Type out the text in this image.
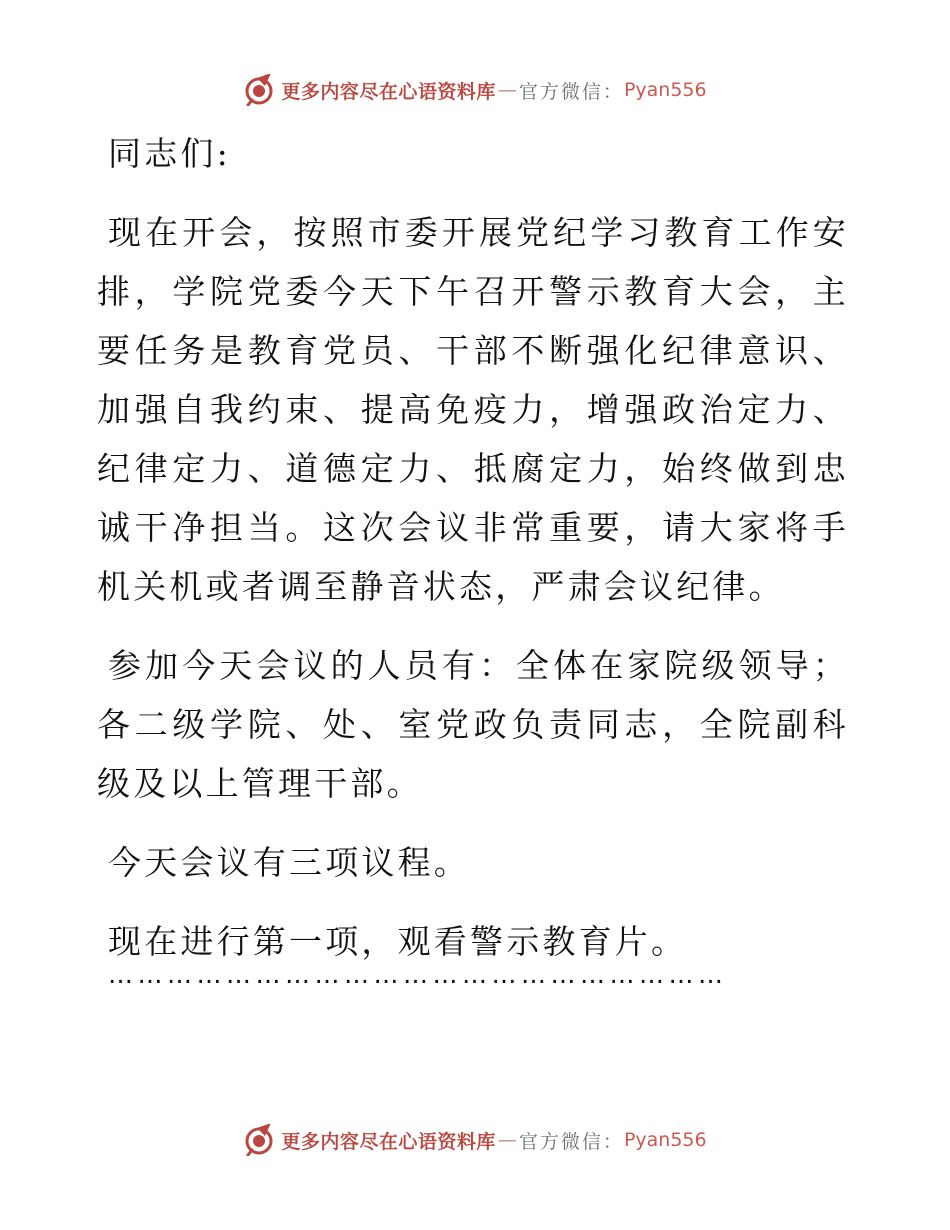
更多内容尽在心语资料库 — 官方微信： Pyan556

同志们:

现在开会，按照市委开展党纪学习教育工作安排，学院党委今天下午召开警示教育大会，主要任务是教育党员、干部不断强化纪律意识、加强自我约束、提高免疫力，增强政治定力、纪律定力、道德定力、抵腐定力，始终做到忠诚干净担当。这次会议非常重要，请大家将手机关机或者调至静音状态，严肃会议纪律。

参加今天会议的人员有：全体在家院级领导；各二级学院、处、室党政负责同志，全院副科级及以上管理干部。

今天会议有三项议程。

现在进行第一项，观看警示教育片。

………………………………………………………
更多内容尽在心语资料库 — 官方微信： Pyan556
